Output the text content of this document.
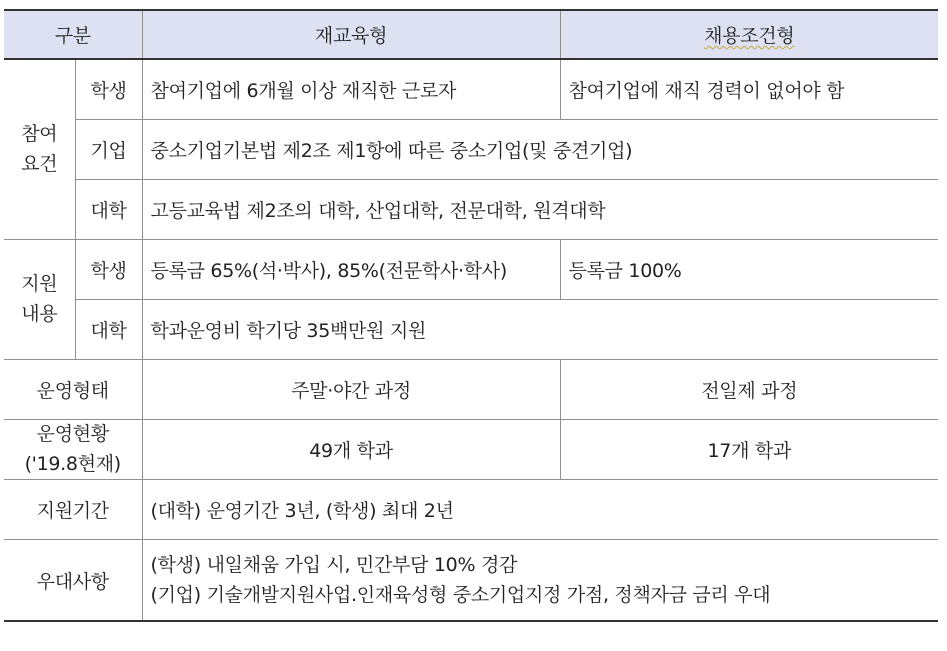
구분		재교육형	채용조건형

참여
요건	학생	참여기업에 6개월 이상 재직한 근로자	참여기업에 재직 경력이 없어야 함
	기업	중소기업기본법 제2조 제1항에 따른 중소기업(및 중견기업)	
	대학	고등교육법 제2조의 대학, 산업대학, 전문대학, 원격대학	

지원
내용	학생	등록금 65%(석·박사), 85%(전문학사·학사)	등록금 100%
	대학	학과운영비 학기당 35백만원 지원	
운영형태		주말·야간 과정	전일제 과정

운영현황
('19.8현재)		49개 학과	17개 학과
지원기간		(대학) 운영기간 3년, (학생) 최대 2년	
우대사항		(학생) 내일채움 가입 시, 민간부담 10% 경감
(기업) 기술개발지원사업.인재육성형 중소기업지정 가점, 정책자금 금리 우대	
